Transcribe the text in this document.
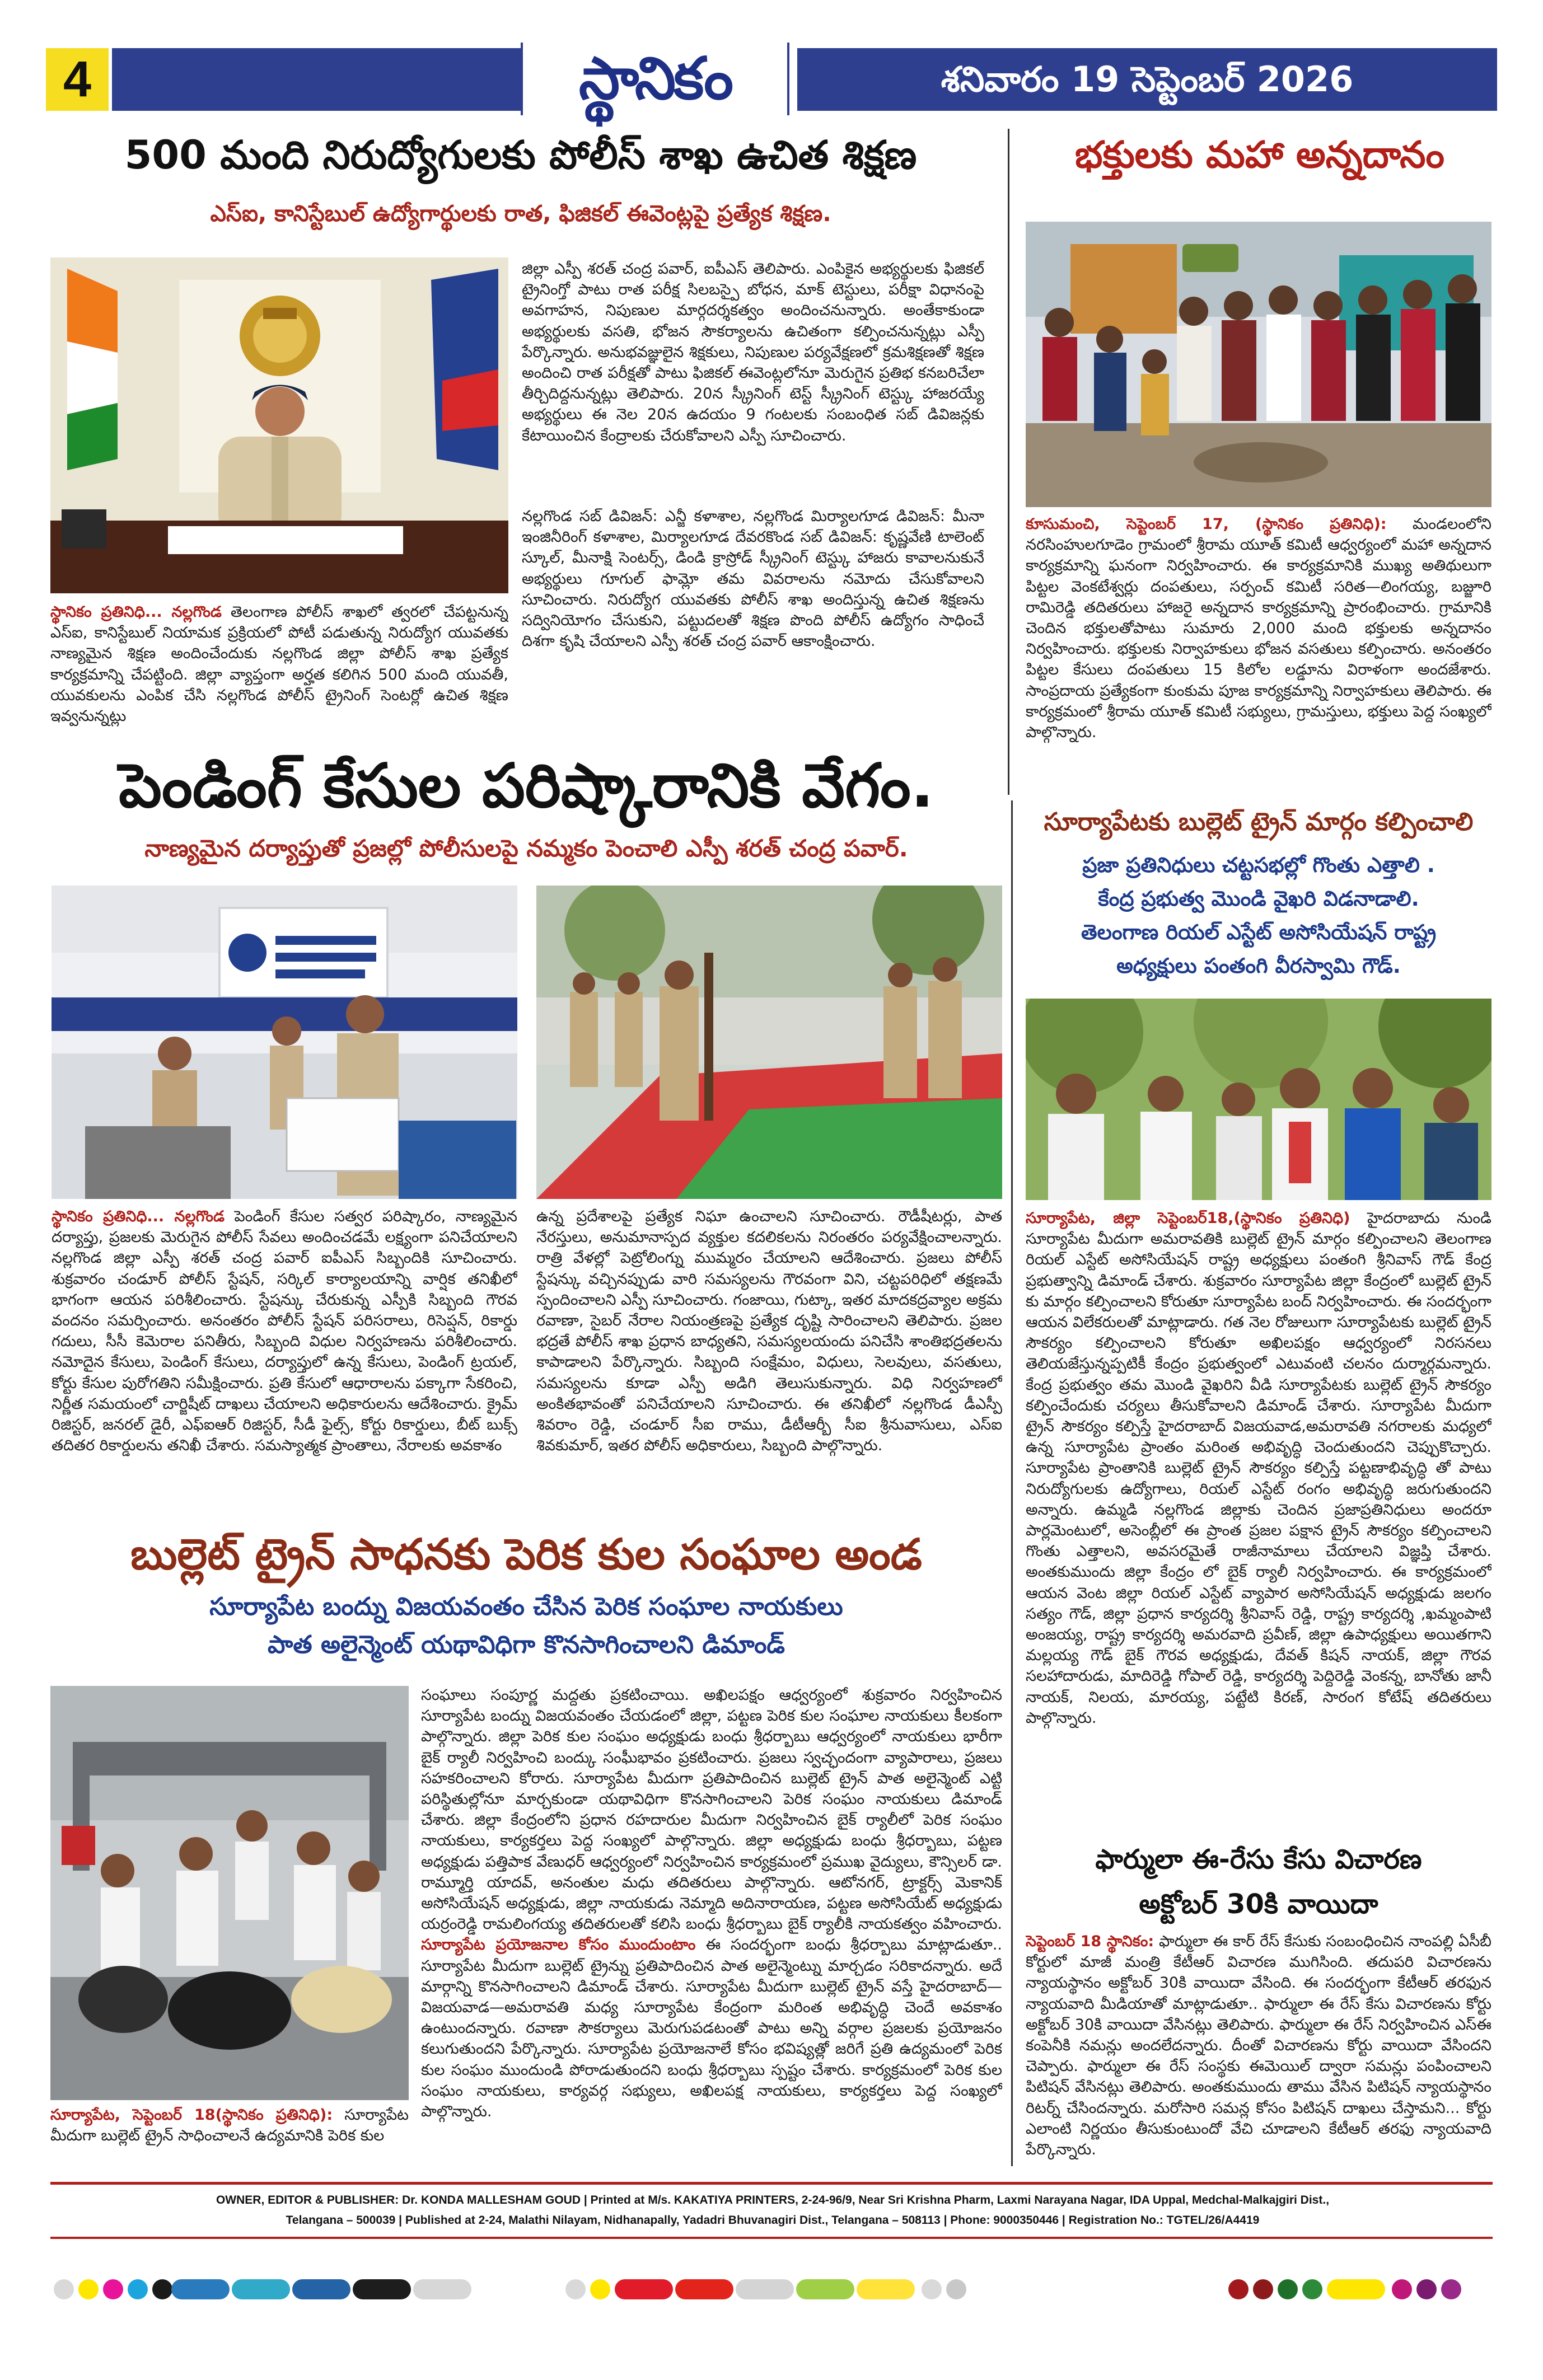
4	స్థానికం	శనివారం 19 సెప్టెంబర్ 2026
500 మంది నిరుద్యోగులకు పోలీస్ శాఖ ఉచిత శిక్షణ
ఎస్ఐ, కానిస్టేబుల్ ఉద్యోగార్థులకు రాత, ఫిజికల్ ఈవెంట్లపై ప్రత్యేక శిక్షణ.
స్థానికం ప్రతినిధి... నల్లగొండ తెలంగాణ పోలీస్ శాఖలో త్వరలో చేపట్టనున్న ఎస్ఐ, కానిస్టేబుల్ నియామక ప్రక్రియలో పోటీ పడుతున్న నిరుద్యోగ యువతకు నాణ్యమైన శిక్షణ అందించేందుకు నల్లగొండ జిల్లా పోలీస్ శాఖ ప్రత్యేక కార్యక్రమాన్ని చేపట్టింది. జిల్లా వ్యాప్తంగా అర్హత కలిగిన 500 మంది యువతీ, యువకులను ఎంపిక చేసి నల్లగొండ పోలీస్ ట్రైనింగ్ సెంటర్లో ఉచిత శిక్షణ ఇవ్వనున్నట్లు
జిల్లా ఎస్పీ శరత్ చంద్ర పవార్, ఐపీఎస్ తెలిపారు. ఎంపికైన అభ్యర్థులకు ఫిజికల్ ట్రైనింగ్తో పాటు రాత పరీక్ష సిలబస్పై బోధన, మాక్ టెస్టులు, పరీక్షా విధానంపై అవగాహన, నిపుణుల మార్గదర్శకత్వం అందించనున్నారు. అంతేకాకుండా అభ్యర్థులకు వసతి, భోజన సౌకర్యాలను ఉచితంగా కల్పించనున్నట్లు ఎస్పీ పేర్కొన్నారు. అనుభవజ్ఞులైన శిక్షకులు, నిపుణుల పర్యవేక్షణలో క్రమశిక్షణతో శిక్షణ అందించి రాత పరీక్షతో పాటు ఫిజికల్ ఈవెంట్లలోనూ మెరుగైన ప్రతిభ కనబరిచేలా తీర్చిదిద్దనున్నట్లు తెలిపారు. 20న స్క్రీనింగ్ టెస్ట్ స్క్రీనింగ్ టెస్ట్కు హాజరయ్యే అభ్యర్థులు ఈ నెల 20న ఉదయం 9 గంటలకు సంబంధిత సబ్ డివిజన్లకు కేటాయించిన కేంద్రాలకు చేరుకోవాలని ఎస్పీ సూచించారు.
నల్లగొండ సబ్ డివిజన్: ఎన్జీ కళాశాల, నల్లగొండ మిర్యాలగూడ డివిజన్: మీనా ఇంజినీరింగ్ కళాశాల, మిర్యాలగూడ దేవరకొండ సబ్ డివిజన్: కృష్ణవేణి టాలెంట్ స్కూల్, మీనాక్షి సెంటర్స్, డిండి క్రాస్రోడ్ స్క్రీనింగ్ టెస్ట్కు హాజరు కావాలనుకునే అభ్యర్థులు గూగుల్ ఫామ్లో తమ వివరాలను నమోదు చేసుకోవాలని సూచించారు. నిరుద్యోగ యువతకు పోలీస్ శాఖ అందిస్తున్న ఉచిత శిక్షణను సద్వినియోగం చేసుకుని, పట్టుదలతో శిక్షణ పొంది పోలీస్ ఉద్యోగం సాధించే దిశగా కృషి చేయాలని ఎస్పీ శరత్ చంద్ర పవార్ ఆకాంక్షించారు.
భక్తులకు మహా అన్నదానం
కూసుమంచి, సెప్టెంబర్ 17, (స్థానికం ప్రతినిధి): మండలంలోని నరసింహులగూడెం గ్రామంలో శ్రీరామ యూత్ కమిటీ ఆధ్వర్యంలో మహా అన్నదాన కార్యక్రమాన్ని ఘనంగా నిర్వహించారు. ఈ కార్యక్రమానికి ముఖ్య అతిథులుగా పిట్టల వెంకటేశ్వర్లు దంపతులు, సర్పంచ్ కమిటీ సరిత—లింగయ్య, బజ్జూరి రామిరెడ్డి తదితరులు హాజరై అన్నదాన కార్యక్రమాన్ని ప్రారంభించారు. గ్రామానికి చెందిన భక్తులతోపాటు సుమారు 2,000 మంది భక్తులకు అన్నదానం నిర్వహించారు. భక్తులకు నిర్వాహకులు భోజన వసతులు కల్పించారు. అనంతరం పిట్టల కేసులు దంపతులు 15 కిలోల లడ్డూను విరాళంగా అందజేశారు. సాంప్రదాయ ప్రత్యేకంగా కుంకుమ పూజ కార్యక్రమాన్ని నిర్వాహకులు తెలిపారు. ఈ కార్యక్రమంలో శ్రీరామ యూత్ కమిటీ సభ్యులు, గ్రామస్తులు, భక్తులు పెద్ద సంఖ్యలో పాల్గొన్నారు.
పెండింగ్ కేసుల పరిష్కారానికి వేగం.
నాణ్యమైన దర్యాప్తుతో ప్రజల్లో పోలీసులపై నమ్మకం పెంచాలి ఎస్పీ శరత్ చంద్ర పవార్.
స్థానికం ప్రతినిధి... నల్లగొండ పెండింగ్ కేసుల సత్వర పరిష్కారం, నాణ్యమైన దర్యాప్తు, ప్రజలకు మెరుగైన పోలీస్ సేవలు అందించడమే లక్ష్యంగా పనిచేయాలని నల్లగొండ జిల్లా ఎస్పీ శరత్ చంద్ర పవార్ ఐపీఎస్ సిబ్బందికి సూచించారు. శుక్రవారం చండూర్ పోలీస్ స్టేషన్, సర్కిల్ కార్యాలయాన్ని వార్షిక తనిఖీలో భాగంగా ఆయన పరిశీలించారు. స్టేషన్కు చేరుకున్న ఎస్పీకి సిబ్బంది గౌరవ వందనం సమర్పించారు. అనంతరం పోలీస్ స్టేషన్ పరిసరాలు, రిసెప్షన్, రికార్డు గదులు, సీసీ కెమెరాల పనితీరు, సిబ్బంది విధుల నిర్వహణను పరిశీలించారు. నమోదైన కేసులు, పెండింగ్ కేసులు, దర్యాప్తులో ఉన్న కేసులు, పెండింగ్ ట్రయల్, కోర్టు కేసుల పురోగతిని సమీక్షించారు. ప్రతి కేసులో ఆధారాలను పక్కాగా సేకరించి, నిర్ణీత సమయంలో చార్జిషీట్ దాఖలు చేయాలని అధికారులను ఆదేశించారు. క్రైమ్ రిజిస్టర్, జనరల్ డైరీ, ఎఫ్ఐఆర్ రిజిస్టర్, సీడీ ఫైల్స్, కోర్టు రికార్డులు, బీట్ బుక్స్ తదితర రికార్డులను తనిఖీ చేశారు. సమస్యాత్మక ప్రాంతాలు, నేరాలకు అవకాశం
ఉన్న ప్రదేశాలపై ప్రత్యేక నిఘా ఉంచాలని సూచించారు. రౌడీషీటర్లు, పాత నేరస్తులు, అనుమానాస్పద వ్యక్తుల కదలికలను నిరంతరం పర్యవేక్షించాలన్నారు. రాత్రి వేళల్లో పెట్రోలింగ్ను ముమ్మరం చేయాలని ఆదేశించారు. ప్రజలు పోలీస్ స్టేషన్కు వచ్చినప్పుడు వారి సమస్యలను గౌరవంగా విని, చట్టపరిధిలో తక్షణమే స్పందించాలని ఎస్పీ సూచించారు. గంజాయి, గుట్కా, ఇతర మాదకద్రవ్యాల అక్రమ రవాణా, సైబర్ నేరాల నియంత్రణపై ప్రత్యేక దృష్టి సారించాలని తెలిపారు. ప్రజల భద్రతే పోలీస్ శాఖ ప్రధాన బాధ్యతని, సమస్యలయందు పనిచేసి శాంతిభద్రతలను కాపాడాలని పేర్కొన్నారు. సిబ్బంది సంక్షేమం, విధులు, సెలవులు, వసతులు, సమస్యలను కూడా ఎస్పీ అడిగి తెలుసుకున్నారు. విధి నిర్వహణలో అంకితభావంతో పనిచేయాలని సూచించారు. ఈ తనిఖీలో నల్లగొండ డీఎస్పీ శివరాం రెడ్డి, చండూర్ సీఐ రాము, డీటీఆర్బీ సీఐ శ్రీనువాసులు, ఎస్ఐ శివకుమార్, ఇతర పోలీస్ అధికారులు, సిబ్బంది పాల్గొన్నారు.
సూర్యాపేటకు బుల్లెట్ ట్రైన్ మార్గం కల్పించాలి
ప్రజా ప్రతినిధులు చట్టసభల్లో గొంతు ఎత్తాలి .
కేంద్ర ప్రభుత్వ మొండి వైఖరి విడనాడాలి.
తెలంగాణ రియల్ ఎస్టేట్ అసోసియేషన్ రాష్ట్ర
అధ్యక్షులు పంతంగి వీరస్వామి గౌడ్.
సూర్యాపేట, జిల్లా సెప్టెంబర్18,(స్థానికం ప్రతినిధి) హైదరాబాదు నుండి సూర్యాపేట మీదుగా అమరావతికి బుల్లెట్ ట్రైన్ మార్గం కల్పించాలని తెలంగాణ రియల్ ఎస్టేట్ అసోసియేషన్ రాష్ట్ర అధ్యక్షులు పంతంగి శ్రీనివాస్ గౌడ్ కేంద్ర ప్రభుత్వాన్ని డిమాండ్ చేశారు. శుక్రవారం సూర్యాపేట జిల్లా కేంద్రంలో బుల్లెట్ ట్రైన్ కు మార్గం కల్పించాలని కోరుతూ సూర్యాపేట బంద్ నిర్వహించారు. ఈ సందర్భంగా ఆయన విలేకరులతో మాట్లాడారు. గత నెల రోజులుగా సూర్యాపేటకు బుల్లెట్ ట్రైన్ సౌకర్యం కల్పించాలని కోరుతూ అఖిలపక్షం ఆధ్వర్యంలో నిరసనలు తెలియజేస్తున్నప్పటికీ కేంద్రం ప్రభుత్వంలో ఎటువంటి చలనం దుర్మార్గమన్నారు. కేంద్ర ప్రభుత్వం తమ మొండి వైఖరిని వీడి సూర్యాపేటకు బుల్లెట్ ట్రైన్ సౌకర్యం కల్పించేందుకు చర్యలు తీసుకోవాలని డిమాండ్ చేశారు. సూర్యాపేట మీదుగా ట్రైన్ సౌకర్యం కల్పిస్తే హైదరాబాద్ విజయవాడ,అమరావతి నగరాలకు మధ్యలో ఉన్న సూర్యాపేట ప్రాంతం మరింత అభివృద్ధి చెందుతుందని చెప్పుకొచ్చారు. సూర్యాపేట ప్రాంతానికి బుల్లెట్ ట్రైన్ సౌకర్యం కల్పిస్తే పట్టణాభివృద్ధి తో పాటు నిరుద్యోగులకు ఉద్యోగాలు, రియల్ ఎస్టేట్ రంగం అభివృద్ధి జరుగుతుందని అన్నారు. ఉమ్మడి నల్లగొండ జిల్లాకు చెందిన ప్రజాప్రతినిధులు అందరూ పార్లమెంటులో, అసెంబ్లీలో ఈ ప్రాంత ప్రజల పక్షాన ట్రైన్ సౌకర్యం కల్పించాలని గొంతు ఎత్తాలని, అవసరమైతే రాజీనామాలు చేయాలని విజ్ఞప్తి చేశారు. అంతకుముందు జిల్లా కేంద్రం లో బైక్ ర్యాలీ నిర్వహించారు. ఈ కార్యక్రమంలో ఆయన వెంట జిల్లా రియల్ ఎస్టేట్ వ్యాపార అసోసియేషన్ అధ్యక్షుడు జలగం సత్యం గౌడ్, జిల్లా ప్రధాన కార్యదర్శి శ్రీనివాస్ రెడ్డి, రాష్ట్ర కార్యదర్శి ,ఖమ్మంపాటి అంజయ్య, రాష్ట్ర కార్యదర్శి అమరవాది ప్రవీణ్, జిల్లా ఉపాధ్యక్షులు అయితగాని మల్లయ్య గౌడ్ బైక్ గౌరవ అధ్యక్షుడు, దేవత్ కిషన్ నాయక్, జిల్లా గౌరవ సలహాదారుడు, మాదిరెడ్డి గోపాల్ రెడ్డి, కార్యదర్శి పెద్దిరెడ్డి వెంకన్న, బానోతు జానీ నాయక్, నిలయ, మారయ్య, పట్టేటి కిరణ్, సారంగ కోటేష్ తదితరులు పాల్గొన్నారు.
బుల్లెట్ ట్రైన్ సాధనకు పెరిక కుల సంఘాల అండ
సూర్యాపేట బంద్ను విజయవంతం చేసిన పెరిక సంఘాల నాయకులు
పాత అలైన్మెంట్ యథావిధిగా కొనసాగించాలని డిమాండ్
సూర్యాపేట, సెప్టెంబర్ 18(స్థానికం ప్రతినిధి): సూర్యాపేట మీదుగా బుల్లెట్ ట్రైన్ సాధించాలనే ఉద్యమానికి పెరిక కుల
సంఘాలు సంపూర్ణ మద్దతు ప్రకటించాయి. అఖిలపక్షం ఆధ్వర్యంలో శుక్రవారం నిర్వహించిన సూర్యాపేట బంద్ను విజయవంతం చేయడంలో జిల్లా, పట్టణ పెరిక కుల సంఘాల నాయకులు కీలకంగా పాల్గొన్నారు. జిల్లా పెరిక కుల సంఘం అధ్యక్షుడు బంధు శ్రీధర్బాబు ఆధ్వర్యంలో నాయకులు భారీగా బైక్ ర్యాలీ నిర్వహించి బంద్కు సంఘీభావం ప్రకటించారు. ప్రజలు స్వచ్ఛందంగా వ్యాపారాలు, ప్రజలు సహకరించాలని కోరారు. సూర్యాపేట మీదుగా ప్రతిపాదించిన బుల్లెట్ ట్రైన్ పాత అలైన్మెంట్ ఎట్టి పరిస్థితుల్లోనూ మార్చకుండా యథావిధిగా కొనసాగించాలని పెరిక సంఘం నాయకులు డిమాండ్ చేశారు. జిల్లా కేంద్రంలోని ప్రధాన రహదారుల మీదుగా నిర్వహించిన బైక్ ర్యాలీలో పెరిక సంఘం నాయకులు, కార్యకర్తలు పెద్ద సంఖ్యలో పాల్గొన్నారు. జిల్లా అధ్యక్షుడు బంధు శ్రీధర్బాబు, పట్టణ అధ్యక్షుడు పత్తిపాక వేణుధర్ ఆధ్వర్యంలో నిర్వహించిన కార్యక్రమంలో ప్రముఖ వైద్యులు, కౌన్సిలర్ డా. రామ్మూర్తి యాదవ్, అనంతుల మధు తదితరులు పాల్గొన్నారు. ఆటోనగర్, ట్రాక్టర్స్ మెకానిక్ అసోసియేషన్ అధ్యక్షుడు, జిల్లా నాయకుడు నెమ్మాది అదినారాయణ, పట్టణ అసోసియేట్ అధ్యక్షుడు యర్రంరెడ్డి రామలింగయ్య తదితరులతో కలిసి బంధు శ్రీధర్బాబు బైక్ ర్యాలీకి నాయకత్వం వహించారు. సూర్యాపేట ప్రయోజనాల కోసం ముందుంటాం ఈ సందర్భంగా బంధు శ్రీధర్బాబు మాట్లాడుతూ.. సూర్యాపేట మీదుగా బుల్లెట్ ట్రైన్ను ప్రతిపాదించిన పాత అలైన్మెంట్ను మార్చడం సరికాదన్నారు. అదే మార్గాన్ని కొనసాగించాలని డిమాండ్ చేశారు. సూర్యాపేట మీదుగా బుల్లెట్ ట్రైన్ వస్తే హైదరాబాద్—విజయవాడ—అమరావతి మధ్య సూర్యాపేట కేంద్రంగా మరింత అభివృద్ధి చెందే అవకాశం ఉంటుందన్నారు. రవాణా సౌకర్యాలు మెరుగుపడటంతో పాటు అన్ని వర్గాల ప్రజలకు ప్రయోజనం కలుగుతుందని పేర్కొన్నారు. సూర్యాపేట ప్రయోజనాలే కోసం భవిష్యత్లో జరిగే ప్రతి ఉద్యమంలో పెరిక కుల సంఘం ముందుండి పోరాడుతుందని బంధు శ్రీధర్బాబు స్పష్టం చేశారు. కార్యక్రమంలో పెరిక కుల సంఘం నాయకులు, కార్యవర్గ సభ్యులు, అఖిలపక్ష నాయకులు, కార్యకర్తలు పెద్ద సంఖ్యలో పాల్గొన్నారు.
ఫార్ములా ఈ-రేసు కేసు విచారణ
అక్టోబర్ 30కి వాయిదా
సెప్టెంబర్ 18 స్థానికం: ఫార్ములా ఈ కార్ రేస్ కేసుకు సంబంధించిన నాంపల్లి ఏసీబీ కోర్టులో మాజీ మంత్రి కేటీఆర్ విచారణ ముగిసింది. తదుపరి విచారణను న్యాయస్థానం అక్టోబర్ 30కి వాయిదా వేసింది. ఈ సందర్భంగా కేటీఆర్ తరఫున న్యాయవాది మీడియాతో మాట్లాడుతూ.. ఫార్ములా ఈ రేస్ కేసు విచారణను కోర్టు అక్టోబర్ 30కి వాయిదా వేసినట్లు తెలిపారు. ఫార్ములా ఈ రేస్ నిర్వహించిన ఎస్ఈ కంపెనీకి నమన్లు అందలేదన్నారు. దీంతో విచారణను కోర్టు వాయిదా వేసిందని చెప్పారు. ఫార్ములా ఈ రేస్ సంస్థకు ఈమెయిల్ ద్వారా సమన్లు పంపించాలని పిటిషన్ వేసినట్లు తెలిపారు. అంతకుముందు తాము వేసిన పిటిషన్ న్యాయస్థానం రిటర్న్ చేసిందన్నారు. మరోసారి సమన్ల కోసం పిటిషన్ దాఖలు చేస్తామని... కోర్టు ఎలాంటి నిర్ణయం తీసుకుంటుందో వేచి చూడాలని కేటీఆర్ తరఫు న్యాయవాది పేర్కొన్నారు.
OWNER, EDITOR & PUBLISHER: Dr. KONDA MALLESHAM GOUD | Printed at M/s. KAKATIYA PRINTERS, 2-24-96/9, Near Sri Krishna Pharm, Laxmi Narayana Nagar, IDA Uppal, Medchal-Malkajgiri Dist.,
Telangana – 500039 | Published at 2-24, Malathi Nilayam, Nidhanapally, Yadadri Bhuvanagiri Dist., Telangana – 508113 | Phone: 9000350446 | Registration No.: TGTEL/26/A4419
